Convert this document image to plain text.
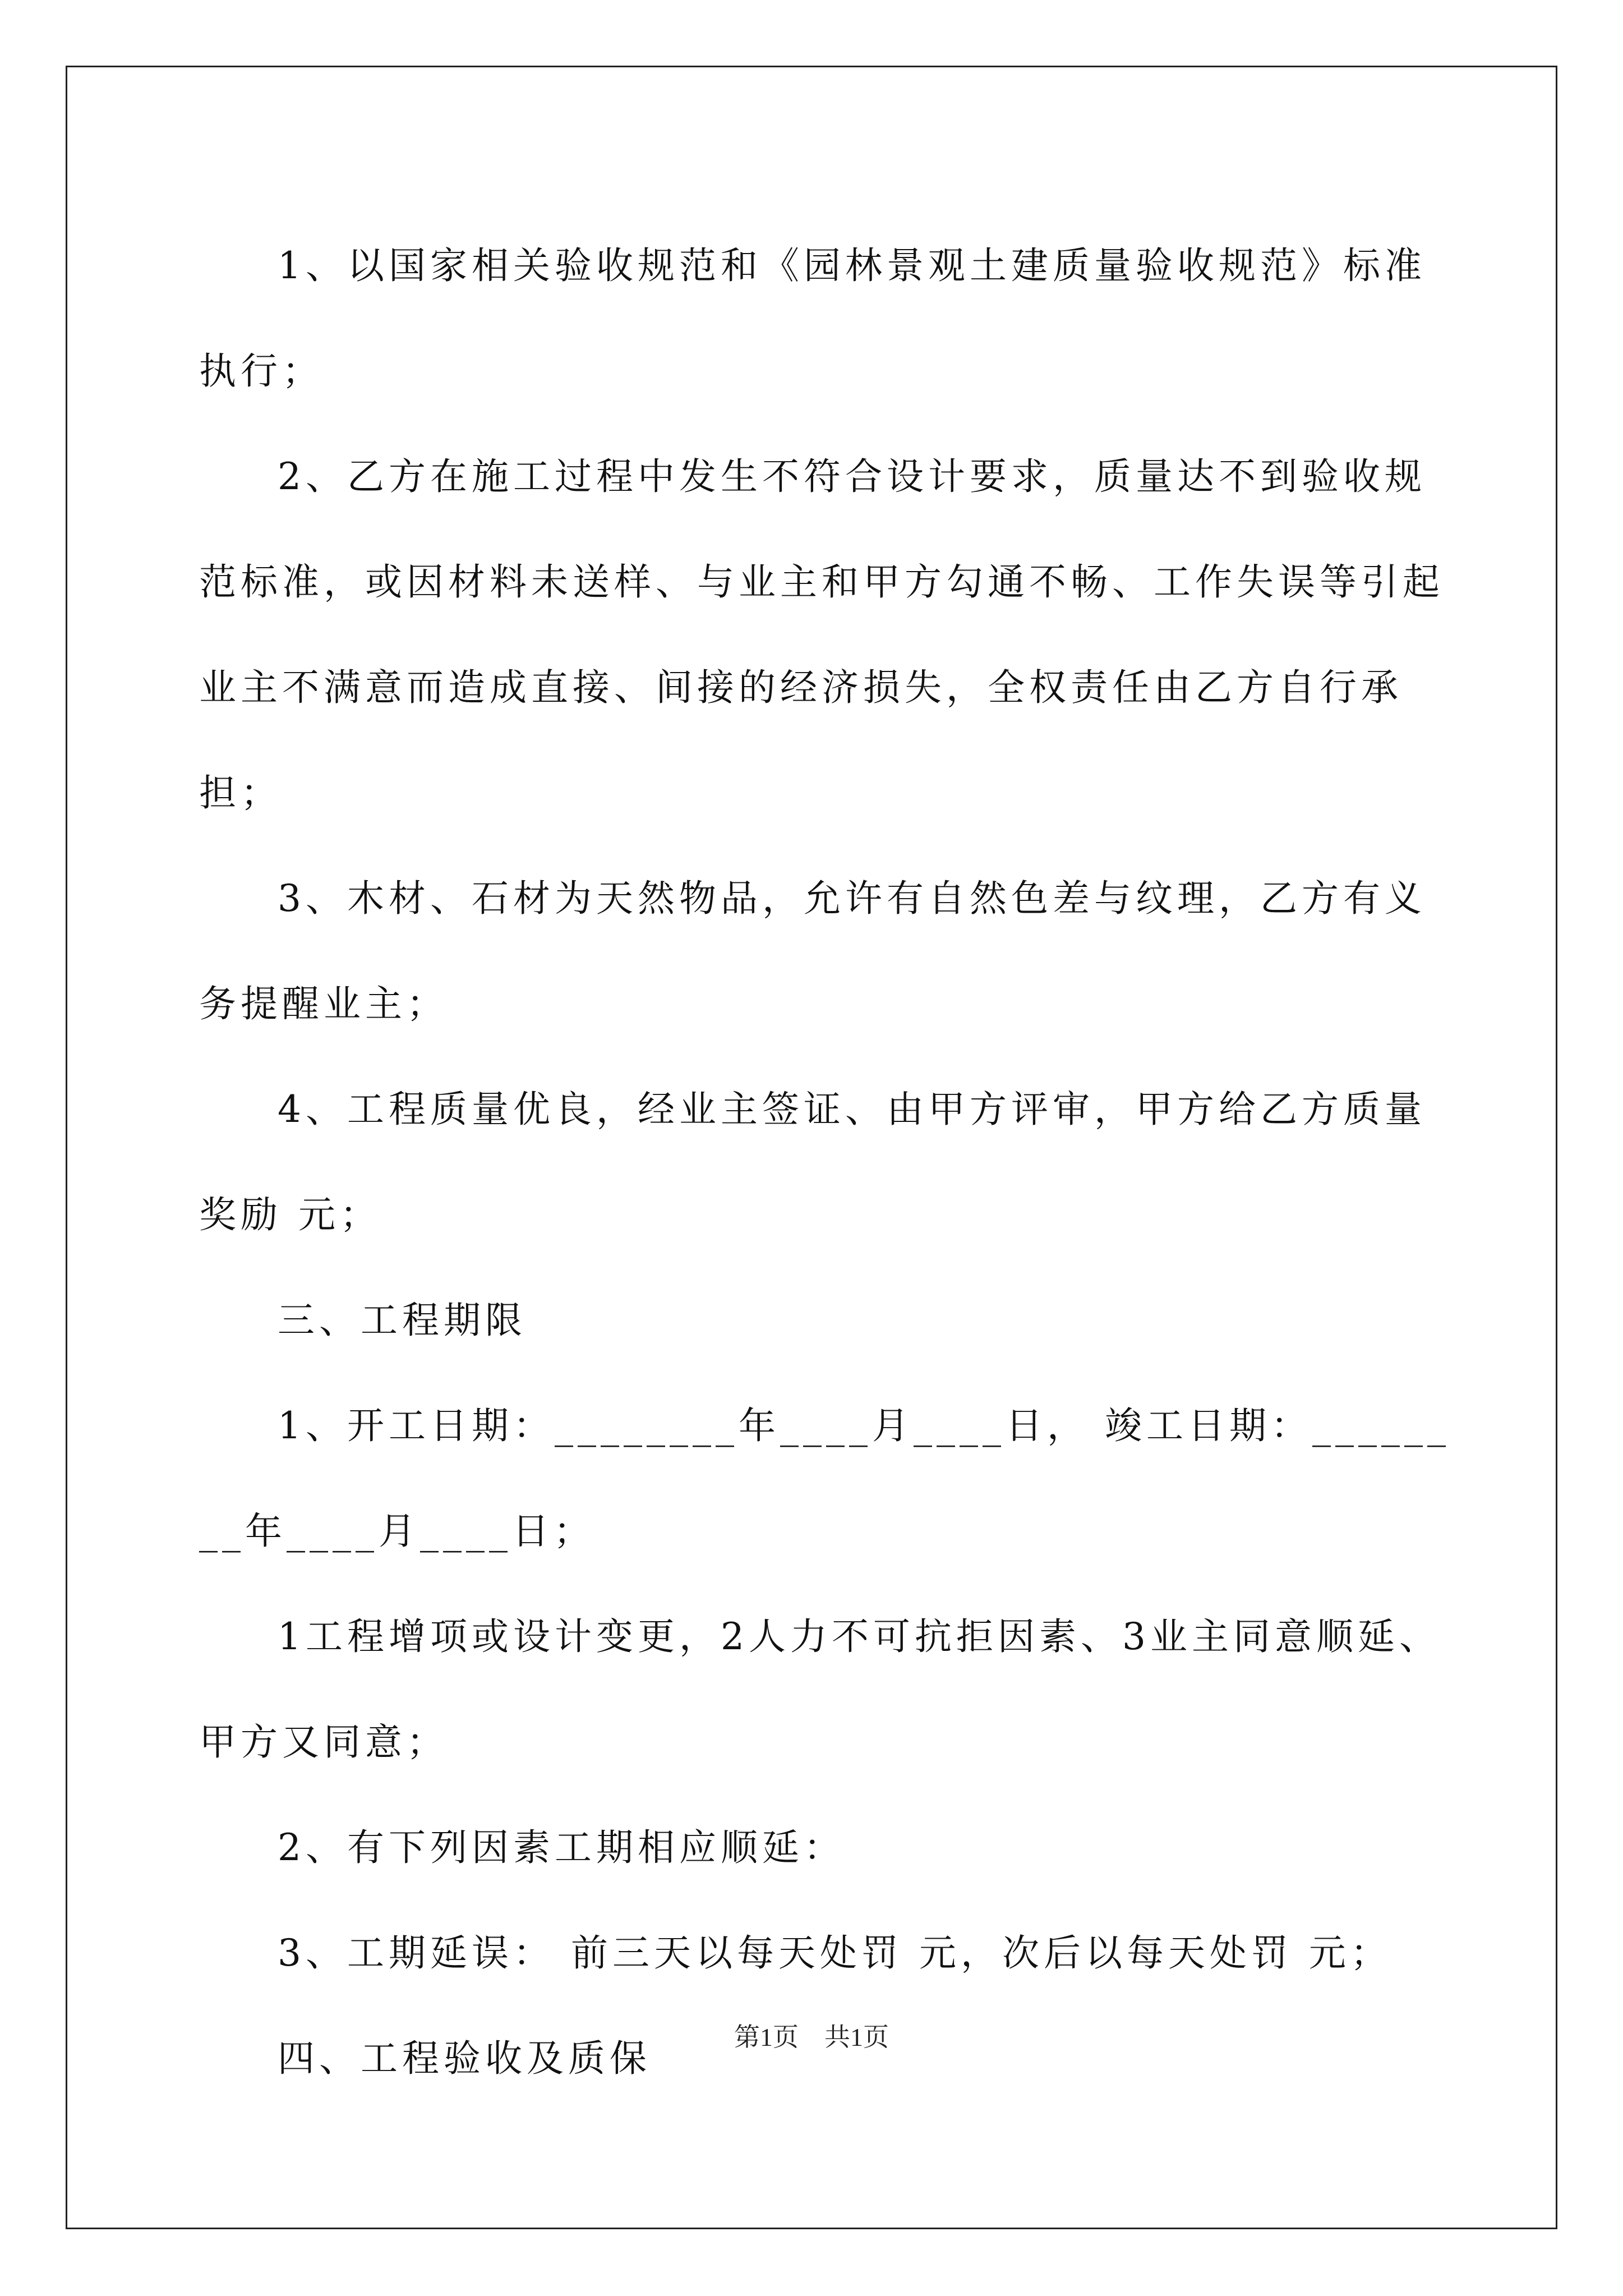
1、以国家相关验收规范和《园林景观土建质量验收规范》标准执行；

2、乙方在施工过程中发生不符合设计要求，质量达不到验收规范标准，或因材料未送样、与业主和甲方勾通不畅、工作失误等引起业主不满意而造成直接、间接的经济损失，全权责任由乙方自行承担；

3、木材、石材为天然物品，允许有自然色差与纹理，乙方有义务提醒业主；

4、工程质量优良，经业主签证、由甲方评审，甲方给乙方质量奖励 元；

三、工程期限

1、开工日期：________年____月____日， 竣工日期：________年____月____日；

1工程增项或设计变更，2人力不可抗拒因素、3业主同意顺延、甲方又同意；

2、有下列因素工期相应顺延：

3、工期延误： 前三天以每天处罚 元，次后以每天处罚 元；

四、工程验收及质保	第1页　共1页
